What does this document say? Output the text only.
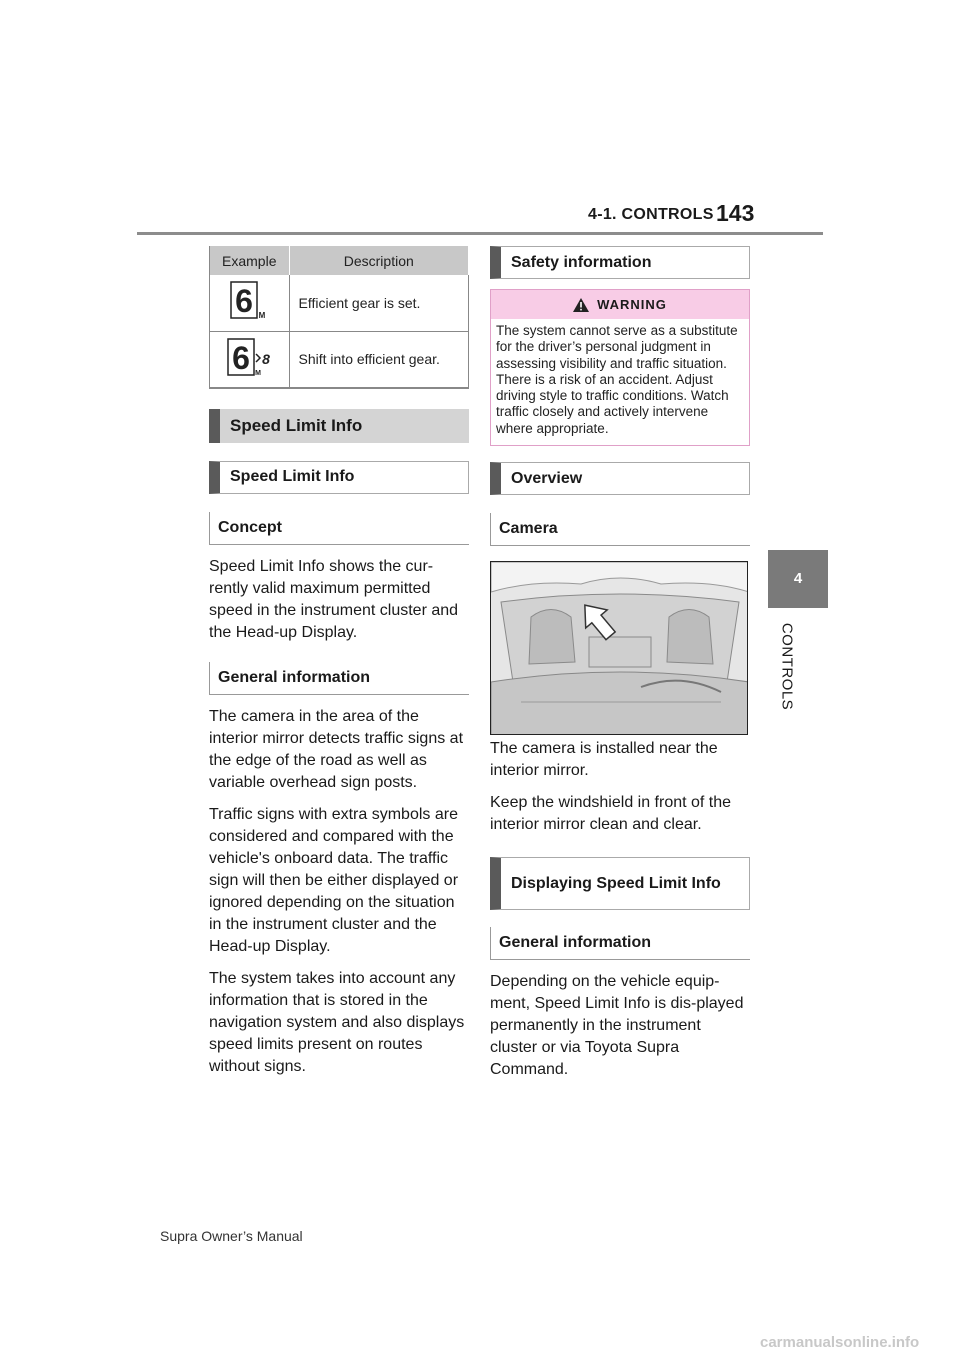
4-1. CONTROLS 143
4
CONTROLS
Example	Description

6 M	Efficient gear is set.

6 8
M	Shift into efficient gear.
Speed Limit Info
Speed Limit Info
Concept

Speed Limit Info shows the cur-rently valid maximum permitted speed in the instrument cluster and the Head-up Display.

General information

The camera in the area of the interior mirror detects traffic signs at the edge of the road as well as variable overhead sign posts.

Traffic signs with extra symbols are considered and compared with the vehicle's onboard data. The traffic sign will then be either displayed or ignored depending on the situation in the instrument cluster and the Head-up Display.

The system takes into account any information that is stored in the navigation system and also displays speed limits present on routes without signs.

Safety information
WARNING
The system cannot serve as a substitute for the driver’s personal judgment in assessing visibility and traffic situation. There is a risk of an accident. Adjust driving style to traffic conditions. Watch traffic closely and actively intervene where appropriate.
Overview
Camera

The camera is installed near the interior mirror.

Keep the windshield in front of the interior mirror clean and clear.

Displaying Speed Limit Info
General information

Depending on the vehicle equip-ment, Speed Limit Info is dis-played permanently in the instrument cluster or via Toyota Supra Command.

Supra Owner’s Manual
carmanualsonline.info
